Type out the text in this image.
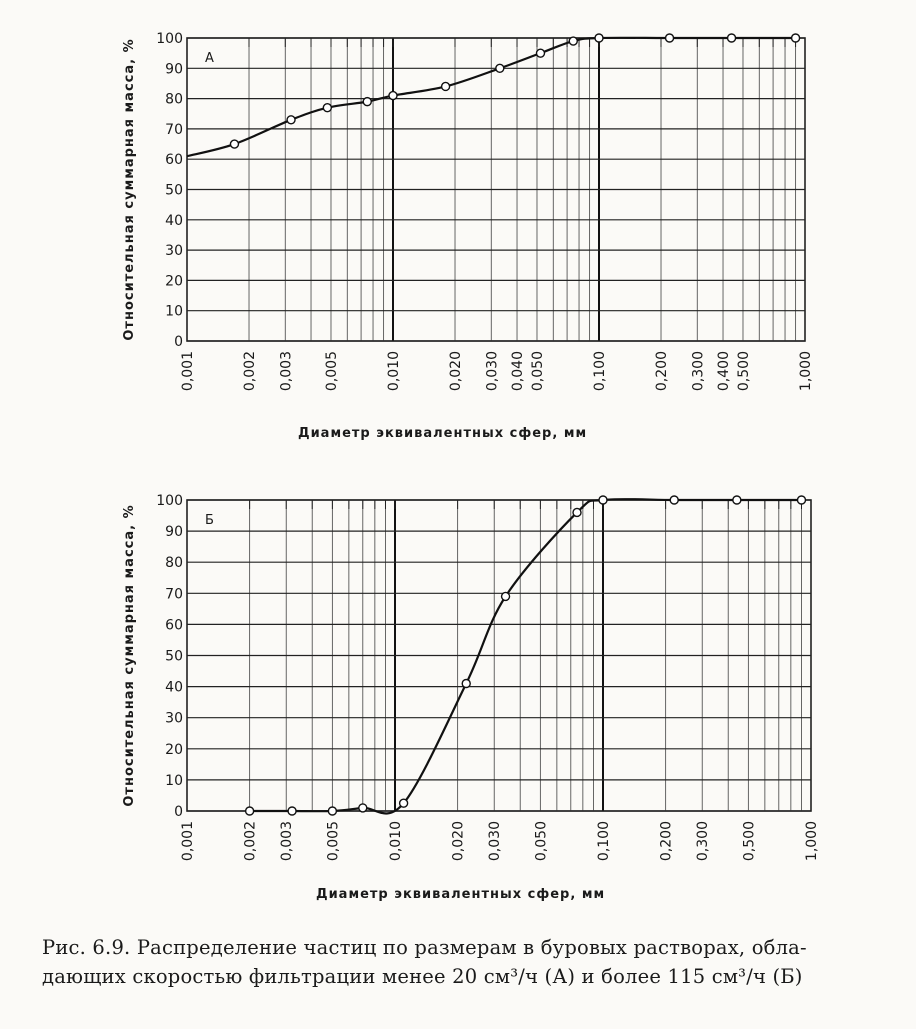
0
10
20
30
40
50
60
70
80
90
100
0,001	0,002 0,003 0,005	0,010	0,020 0,030 0,040 0,050	0,100	0,200 0,300 0,400 0,500	1,000
Относительная суммарная масса, %
Диаметр эквивалентных сфер, мм
А
0
10
20
30
40
50
60
70
80
90
100
0,001	0,002 0,003 0,005	0,010	0,020 0,030 0,050	0,100	0,200 0,300 0,500	1,000
Относительная суммарная масса, %
Диаметр эквивалентных сфер, мм
Б
Рис. 6.9. Распределение частиц по размерам в буровых растворах, обла-
дающих скоростью фильтрации менее 20 см³/ч (А) и более 115 см³/ч (Б)
